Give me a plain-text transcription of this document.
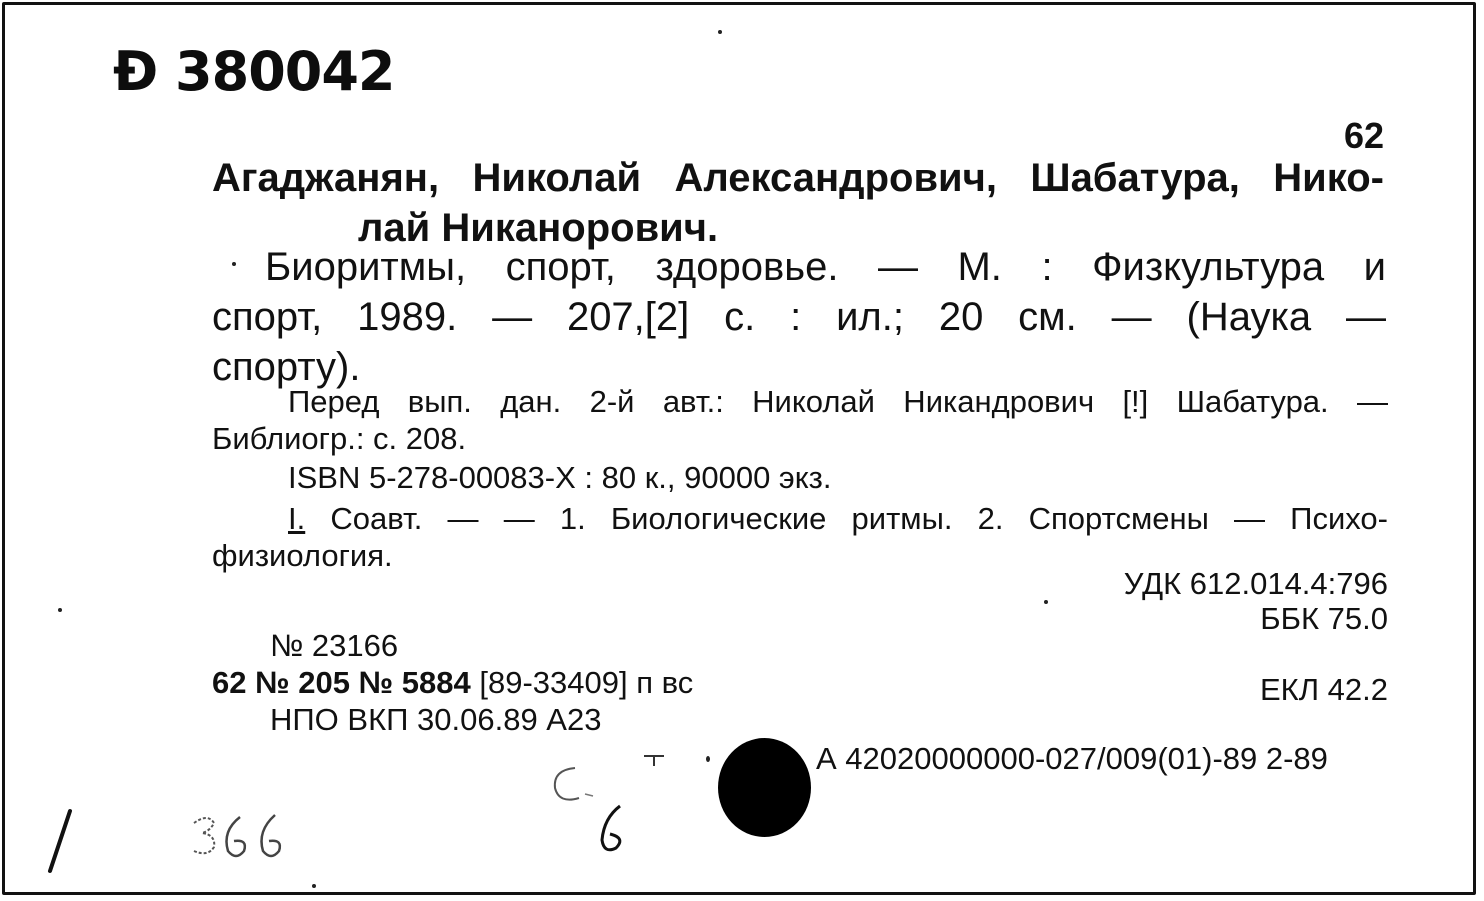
Ɖ 380042
62
Агаджанян, Николай Александрович, Шабатура, Нико-
лай Никанорович.
Биоритмы, спорт, здоровье. — М. : Физкультура и
спорт, 1989. — 207,[2] с. : ил.; 20 см. — (Наука —
спорту).
Перед вып. дан. 2-й авт.: Николай Никандрович [!] Шабатура. —
Библиогр.: с. 208.
ISBN 5-278-00083-X : 80 к., 90000 экз.
I. Соавт. — — 1. Биологические ритмы. 2. Спортсмены — Психо-
физиология.
УДК 612.014.4:796
ББК 75.0
ЕКЛ 42.2
№ 23166
62 № 205 № 5884 [89-33409] п вс
НПО ВКП 30.06.89 А23
А 42020000000-027/009(01)-89 2-89
